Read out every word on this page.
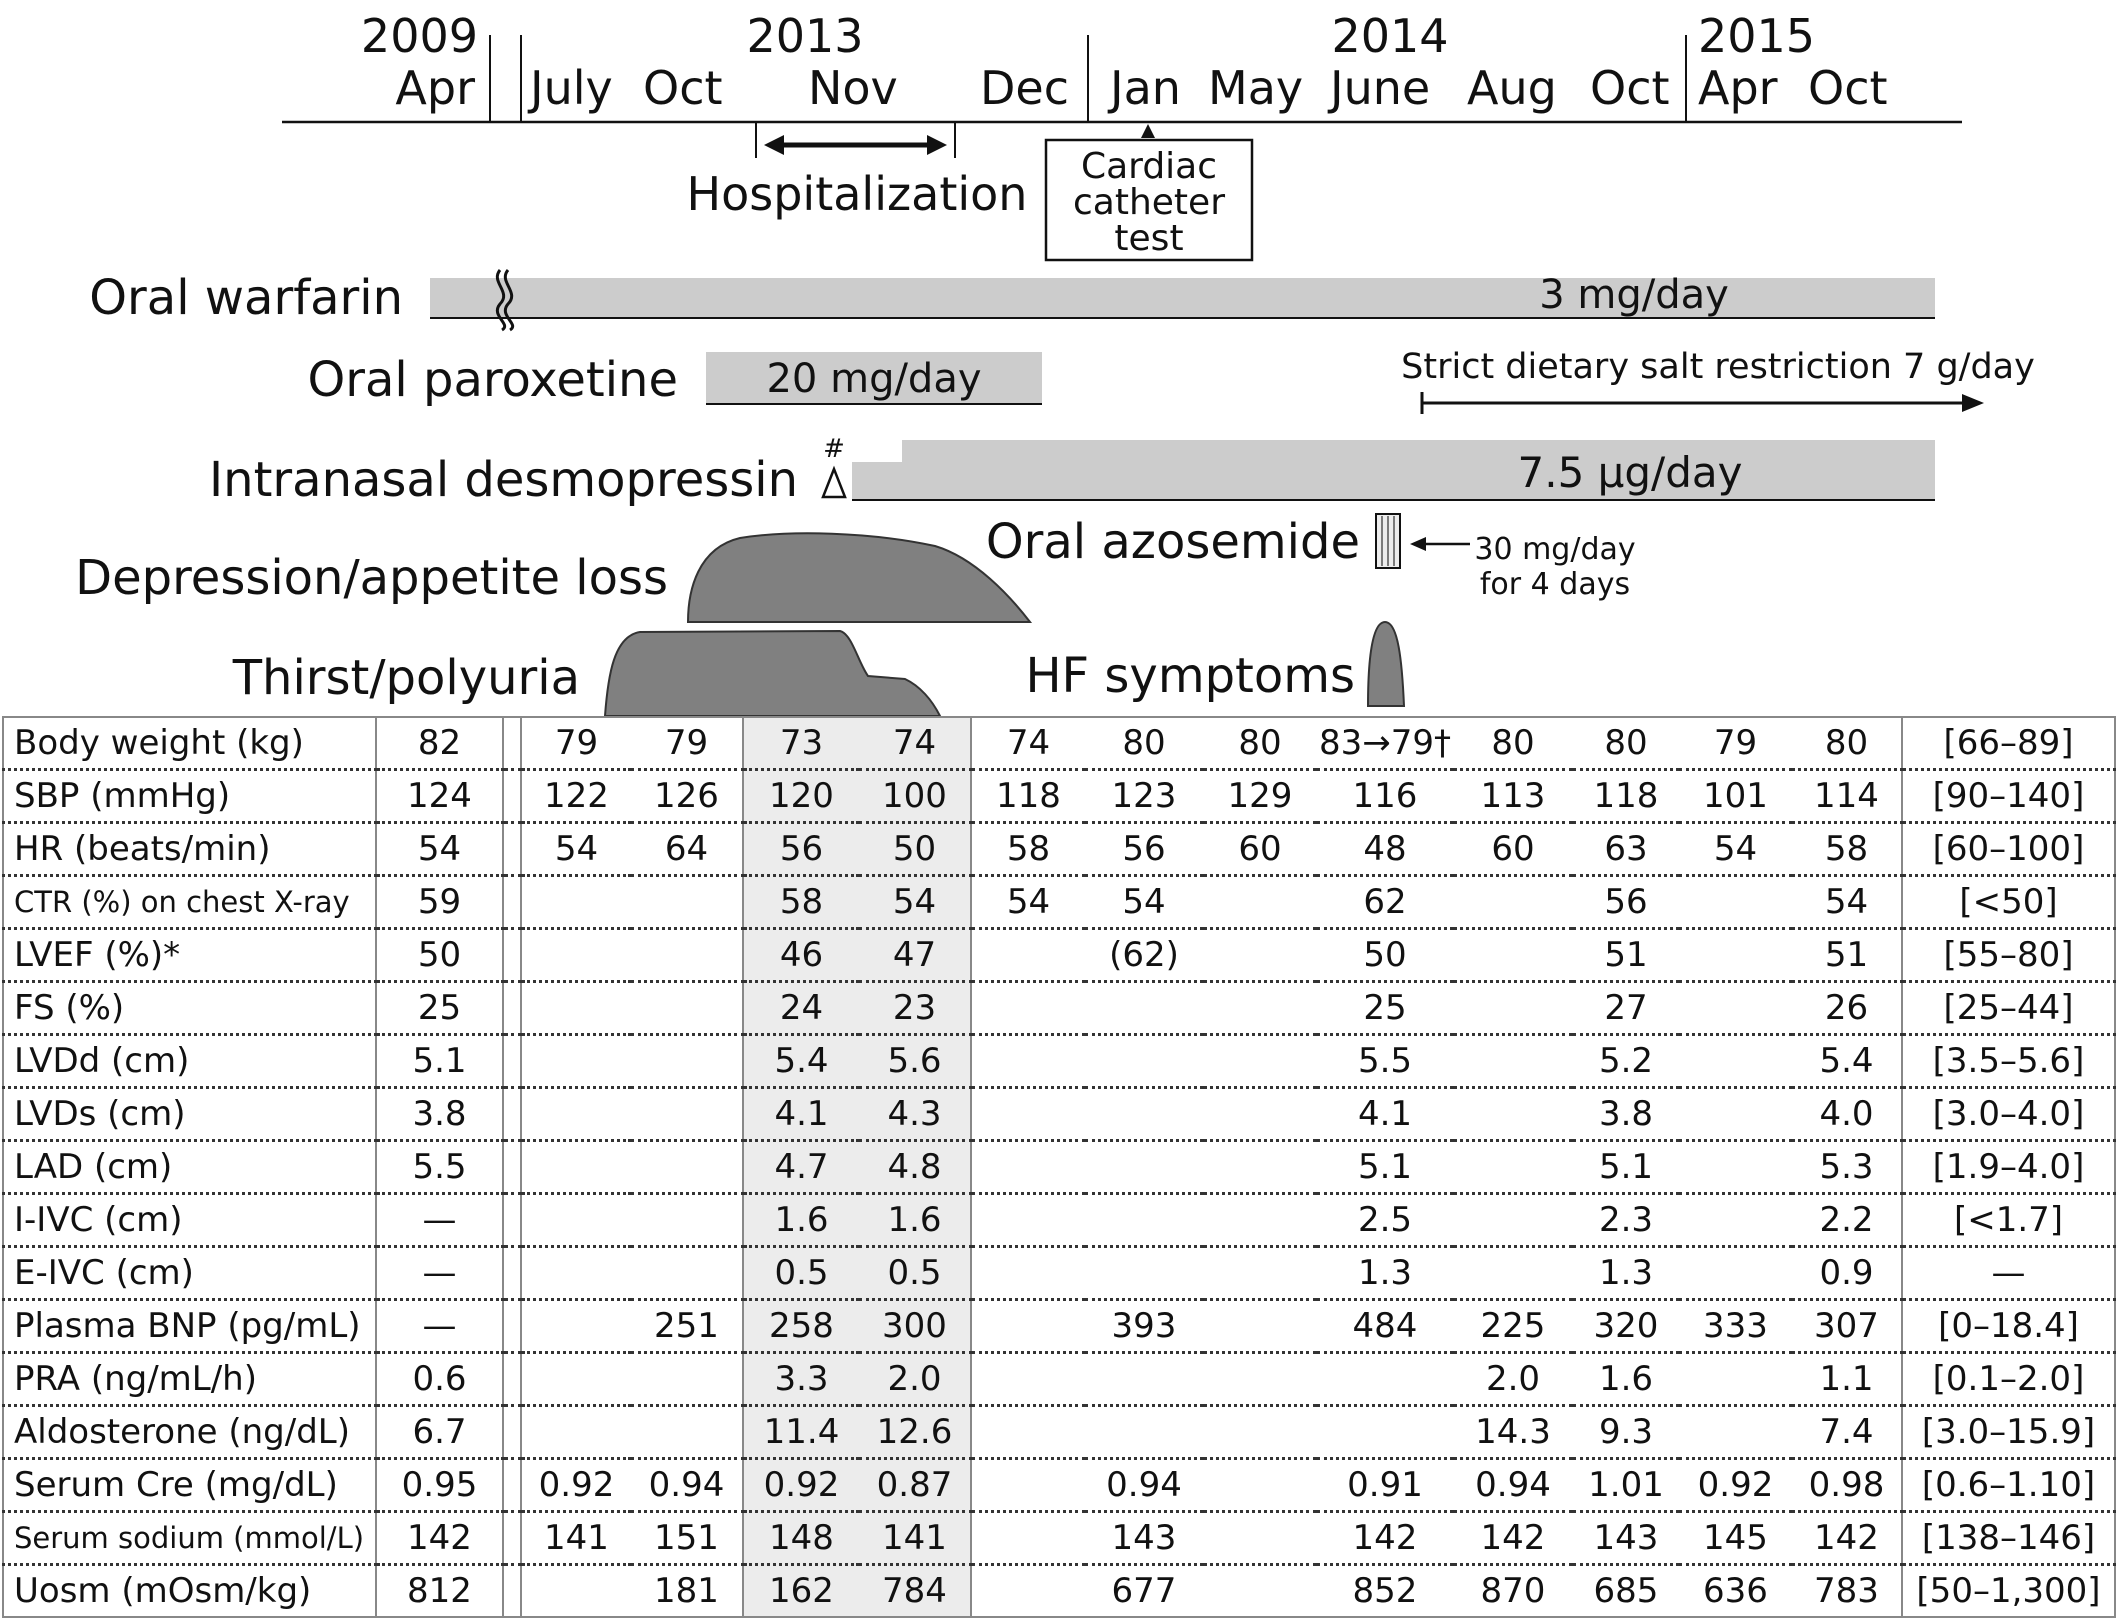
2009	2013	2014	2015
Apr July Oct Nov Dec Jan May June Aug Oct Apr Oct
Hospitalization
Cardiac
catheter
test
Oral warfarin	3 mg/day
Oral paroxetine 20 mg/day	Strict dietary salt restriction 7 g/day
Intranasal desmopressin
#	7.5 μg/day
Oral azosemide	30 mg/day
for 4 days
Depression/appetite loss
Thirst/polyuria	HF symptoms
Body weight (kg)	82		79	79	73	74	74	80	80	83→79†	80	80	79	80	[66–89]
SBP (mmHg)	124		122	126	120	100	118	123	129	116	113	118	101	114	[90–140]
HR (beats/min)	54		54	64	56	50	58	56	60	48	60	63	54	58	[60–100]
CTR (%) on chest X-ray	59				58	54	54	54		62		56		54	[<50]
LVEF (%)*	50				46	47		(62)		50		51		51	[55–80]
FS (%)	25				24	23				25		27		26	[25–44]
LVDd (cm)	5.1				5.4	5.6				5.5		5.2		5.4	[3.5–5.6]
LVDs (cm)	3.8				4.1	4.3				4.1		3.8		4.0	[3.0–4.0]
LAD (cm)	5.5				4.7	4.8				5.1		5.1		5.3	[1.9–4.0]
I-IVC (cm)	—				1.6	1.6				2.5		2.3		2.2	[<1.7]
E-IVC (cm)	—				0.5	0.5				1.3		1.3		0.9	—
Plasma BNP (pg/mL)	—			251	258	300		393		484	225	320	333	307	[0–18.4]
PRA (ng/mL/h)	0.6				3.3	2.0					2.0	1.6		1.1	[0.1–2.0]
Aldosterone (ng/dL)	6.7				11.4	12.6					14.3	9.3		7.4	[3.0–15.9]
Serum Cre (mg/dL)	0.95		0.92	0.94	0.92	0.87		0.94		0.91	0.94	1.01	0.92	0.98	[0.6–1.10]
Serum sodium (mmol/L)	142		141	151	148	141		143		142	142	143	145	142	[138–146]
Uosm (mOsm/kg)	812			181	162	784		677		852	870	685	636	783	[50–1,300]
